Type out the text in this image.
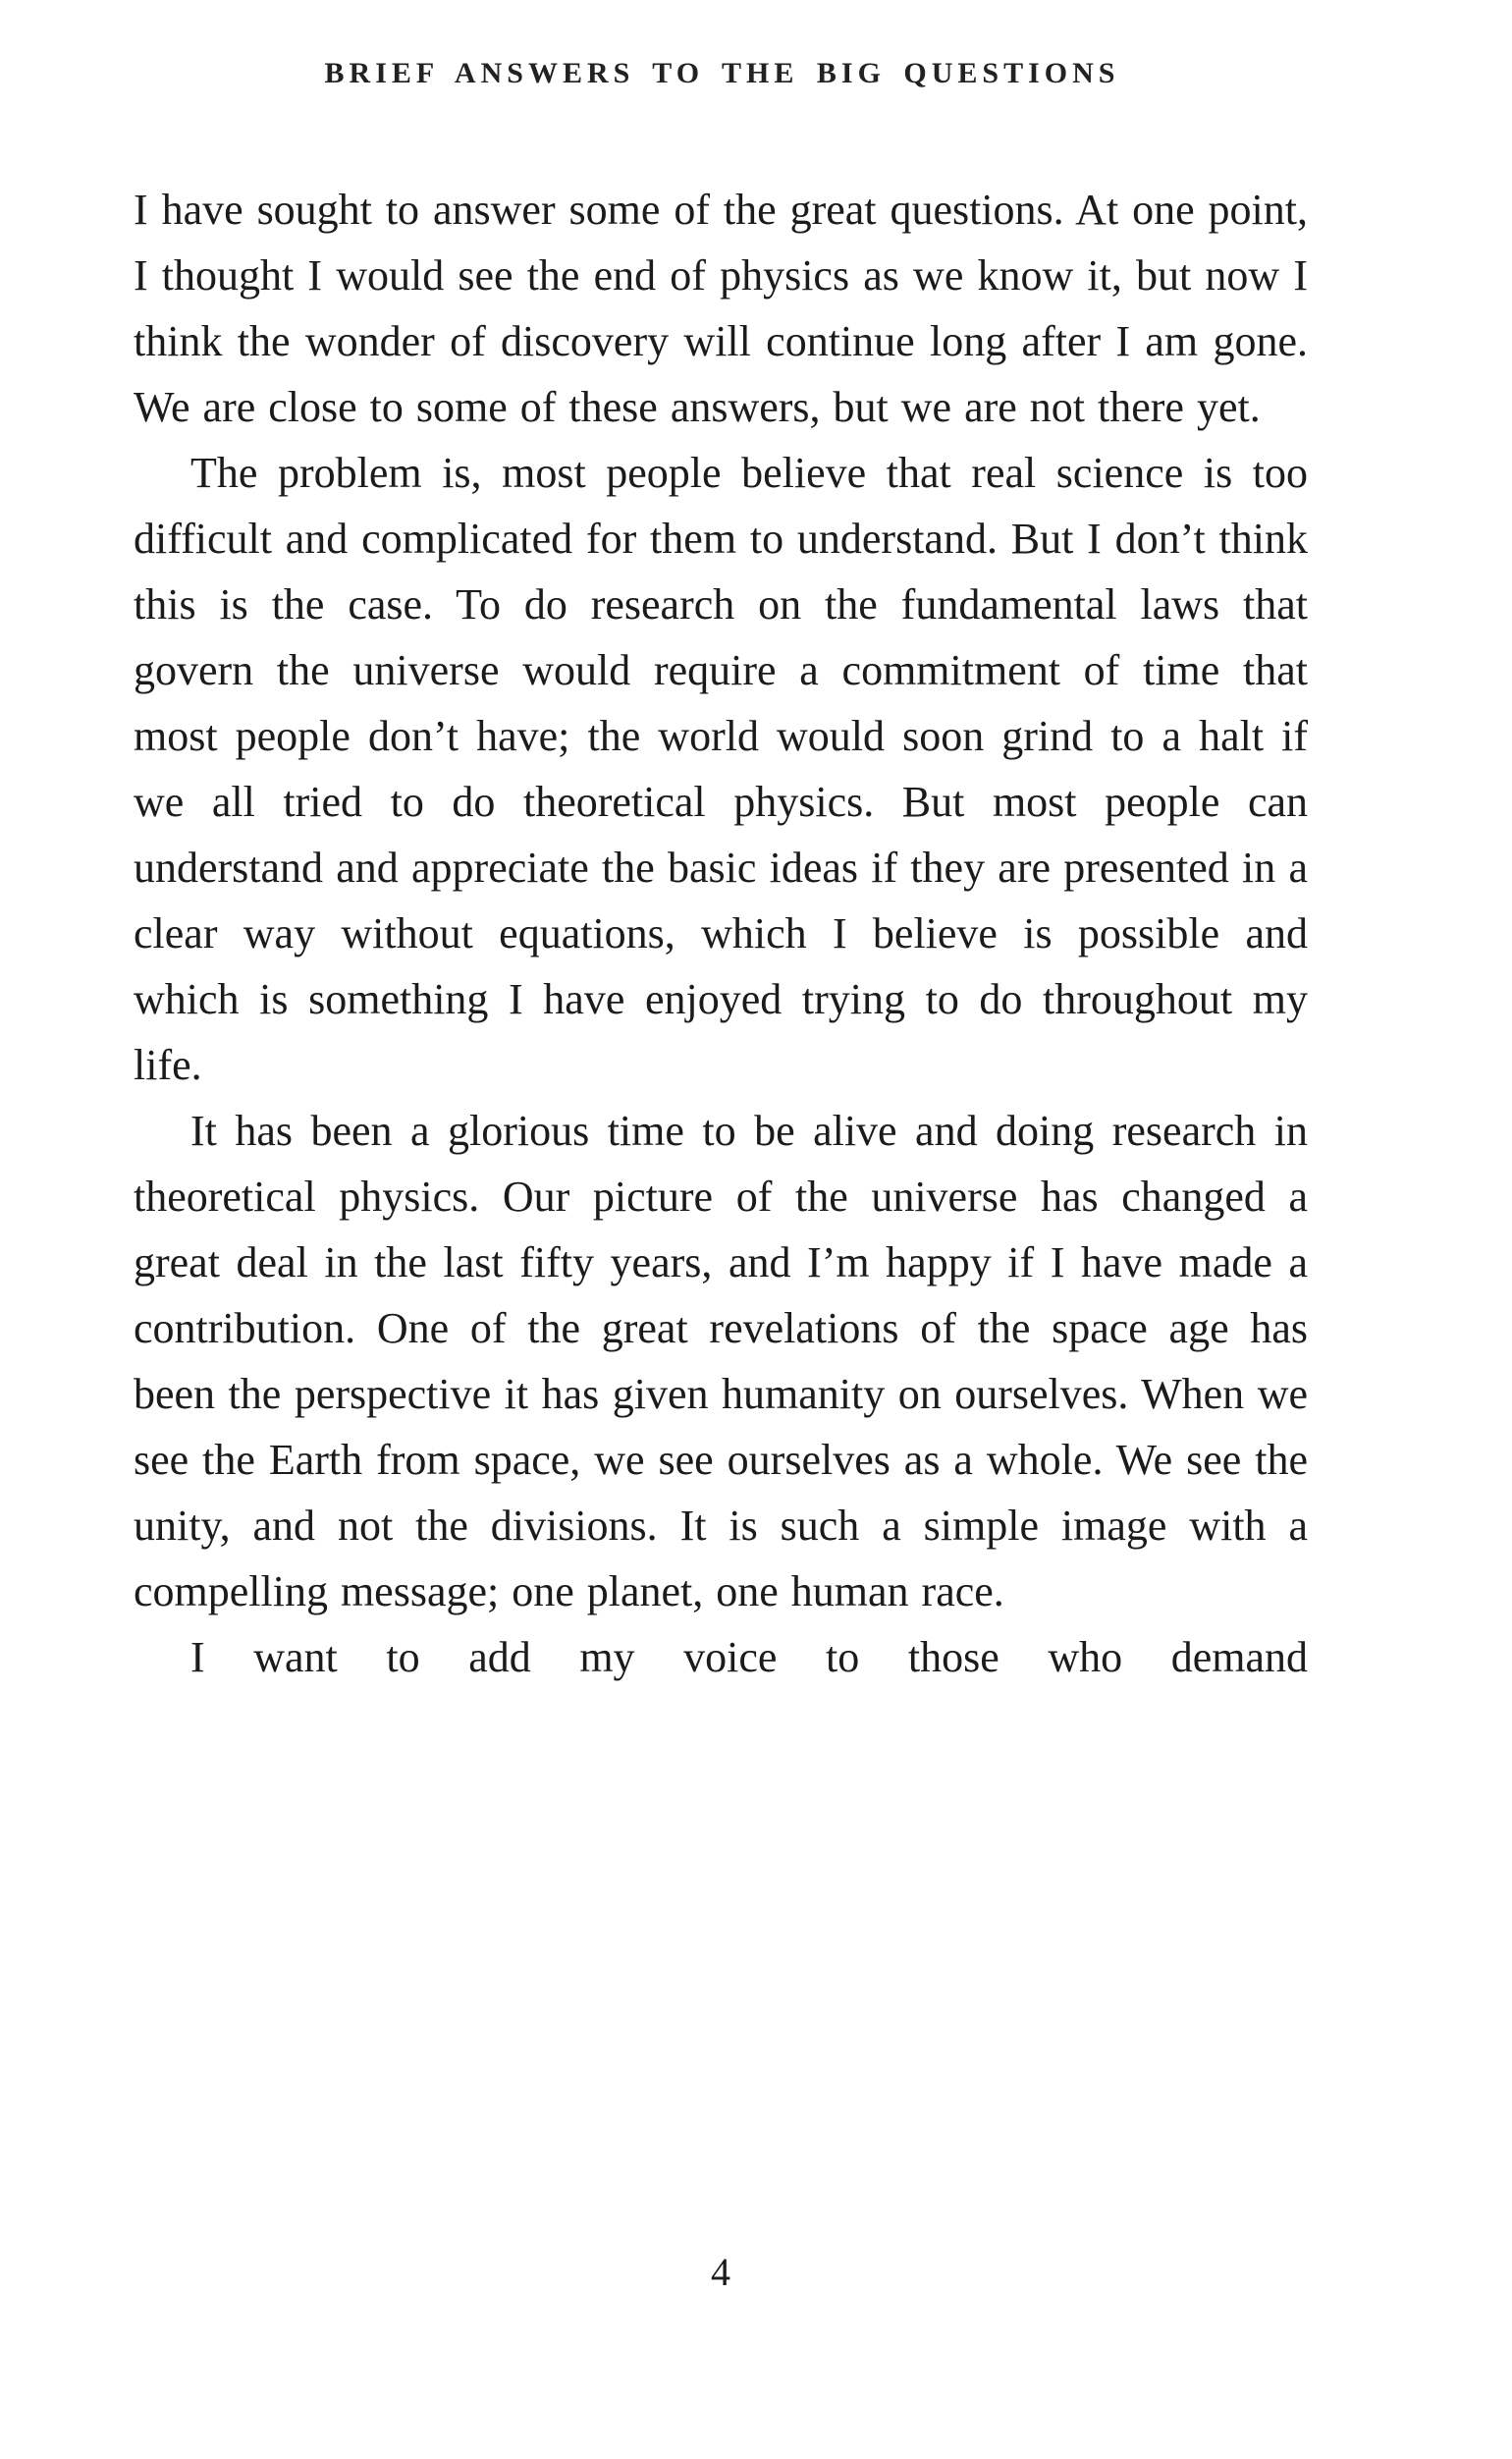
BRIEF ANSWERS TO THE BIG QUESTIONS

I have sought to answer some of the great questions. At one point, I thought I would see the end of physics as we know it, but now I think the wonder of discovery will continue long after I am gone. We are close to some of these answers, but we are not there yet.

The problem is, most people believe that real science is too difficult and complicated for them to understand. But I don’t think this is the case. To do research on the fundamental laws that govern the universe would require a commitment of time that most people don’t have; the world would soon grind to a halt if we all tried to do theoretical physics. But most people can understand and appreciate the basic ideas if they are presented in a clear way without equations, which I believe is possible and which is something I have enjoyed trying to do throughout my life.

It has been a glorious time to be alive and doing research in theoretical physics. Our picture of the universe has changed a great deal in the last fifty years, and I’m happy if I have made a contribution. One of the great revelations of the space age has been the perspective it has given humanity on ourselves. When we see the Earth from space, we see ourselves as a whole. We see the unity, and not the divisions. It is such a simple image with a compelling message; one planet, one human race.

I want to add my voice to those who demand

4
